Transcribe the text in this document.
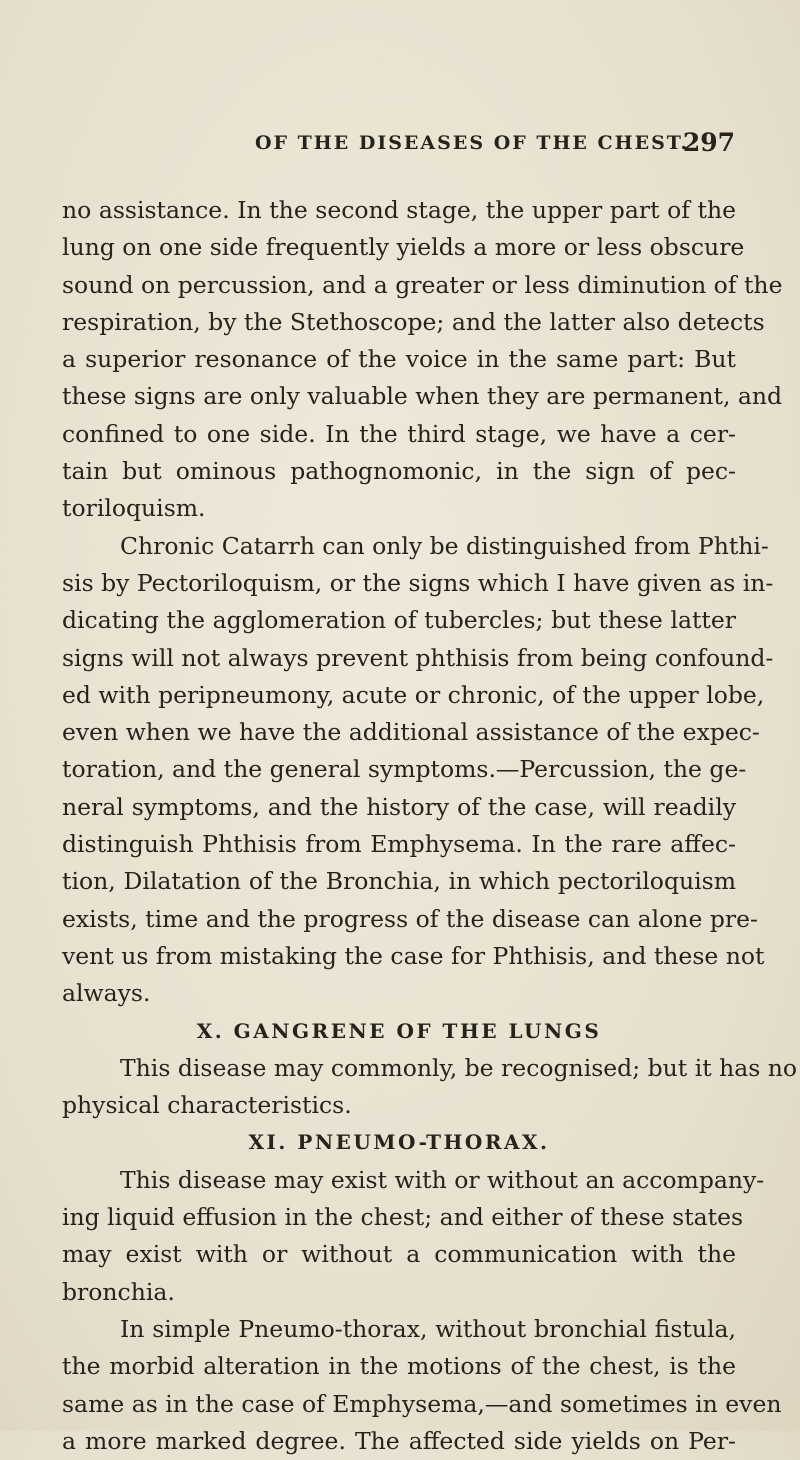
OF THE DISEASES OF THE CHEST.
297
no assistance. In the second stage, the upper part of the
lung on one side frequently yields a more or less obscure
sound on percussion, and a greater or less diminution of the
respiration, by the Stethoscope; and the latter also detects
a superior resonance of the voice in the same part: But
these signs are only valuable when they are permanent, and
confined to one side. In the third stage, we have a cer-
tain but ominous pathognomonic, in the sign of pec-
toriloquism.
Chronic Catarrh can only be distinguished from Phthi-
sis by Pectoriloquism, or the signs which I have given as in-
dicating the agglomeration of tubercles; but these latter
signs will not always prevent phthisis from being confound-
ed with peripneumony, acute or chronic, of the upper lobe,
even when we have the additional assistance of the expec-
toration, and the general symptoms.—Percussion, the ge-
neral symptoms, and the history of the case, will readily
distinguish Phthisis from Emphysema. In the rare affec-
tion, Dilatation of the Bronchia, in which pectoriloquism
exists, time and the progress of the disease can alone pre-
vent us from mistaking the case for Phthisis, and these not
always.
X. GANGRENE OF THE LUNGS
This disease may commonly, be recognised; but it has no
physical characteristics.
XI. PNEUMO-THORAX.
This disease may exist with or without an accompany-
ing liquid effusion in the chest; and either of these states
may exist with or without a communication with the
bronchia.
In simple Pneumo-thorax, without bronchial fistula,
the morbid alteration in the motions of the chest, is the
same as in the case of Emphysema,—and sometimes in even
a more marked degree. The affected side yields on Per-
